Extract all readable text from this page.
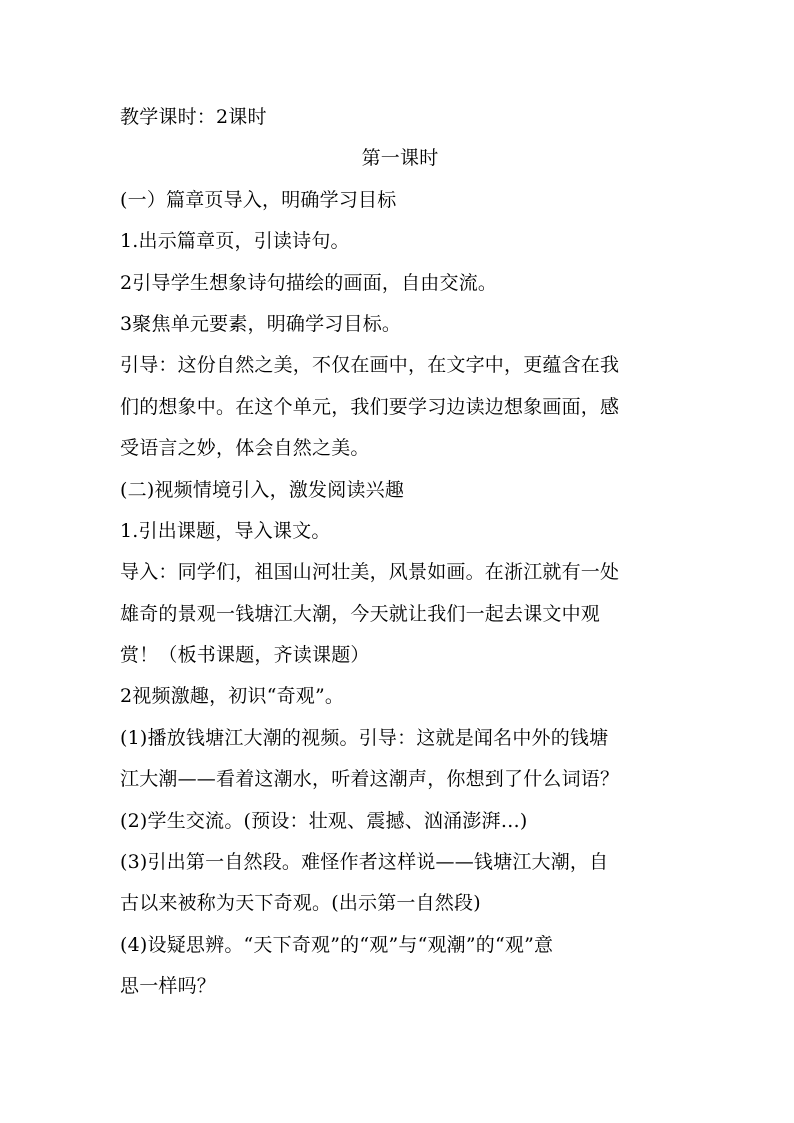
教学课时：2课时
第一课时
(一）篇章页导入，明确学习目标
1.出示篇章页，引读诗句。
2引导学生想象诗句描绘的画面，自由交流。
3聚焦单元要素，明确学习目标。
引导：这份自然之美，不仅在画中，在文字中，更蕴含在我
们的想象中。在这个单元，我们要学习边读边想象画面，感
受语言之妙，体会自然之美。
(二)视频情境引入，激发阅读兴趣
1.引出课题，导入课文。
导入：同学们，祖国山河壮美，风景如画。在浙江就有一处
雄奇的景观一钱塘江大潮，今天就让我们一起去课文中观
赏！（板书课题，齐读课题）
2视频激趣，初识“奇观”。
(1)播放钱塘江大潮的视频。引导：这就是闻名中外的钱塘
江大潮——看着这潮水，听着这潮声，你想到了什么词语？
(2)学生交流。(预设：壮观、震撼、汹涌澎湃…)
(3)引出第一自然段。难怪作者这样说——钱塘江大潮，自
古以来被称为天下奇观。(出示第一自然段)
(4)设疑思辨。“天下奇观”的“观”与“观潮”的“观”意
思一样吗？
